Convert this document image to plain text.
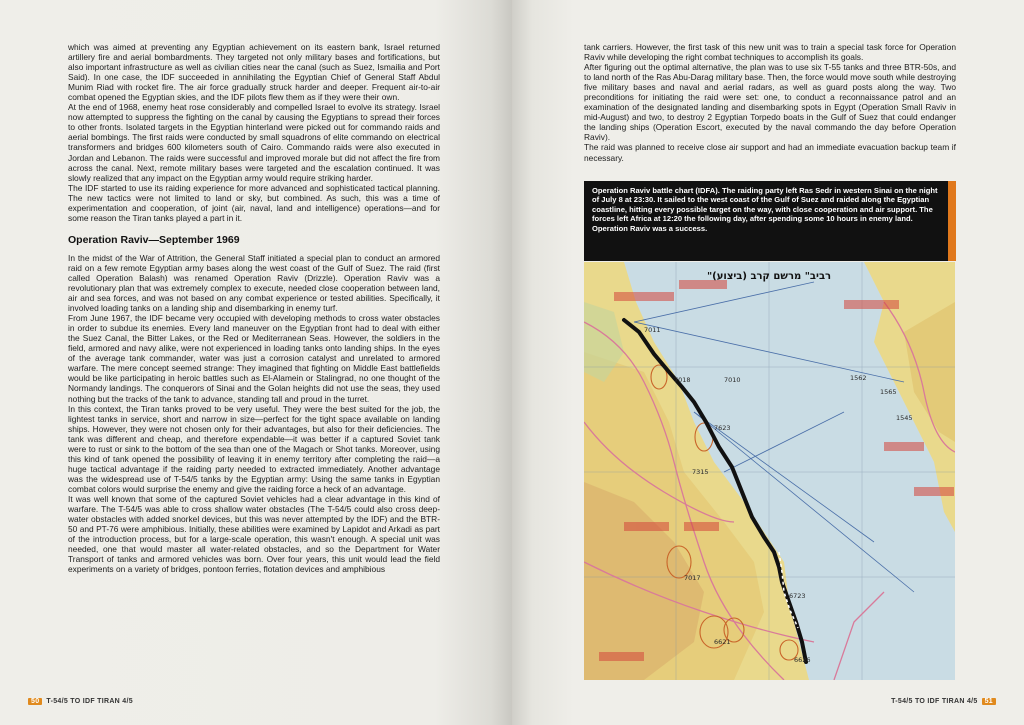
which was aimed at preventing any Egyptian achievement on its eastern bank, Israel returned artillery fire and aerial bombardments. They targeted not only military bases and fortifications, but also important infrastructure as well as civilian cities near the canal (such as Suez, Ismailia and Port Said). In one case, the IDF succeeded in annihilating the Egyptian Chief of General Staff Abdul Munim Riad with rocket fire. The air force gradually struck harder and deeper. Frequent air-to-air combat opened the Egyptian skies, and the IDF pilots flew them as if they were their own.

At the end of 1968, enemy heat rose considerably and compelled Israel to evolve its strategy. Israel now attempted to suppress the fighting on the canal by causing the Egyptians to spread their forces to other fronts. Isolated targets in the Egyptian hinterland were picked out for commando raids and aerial bombings. The first raids were conducted by small squadrons of elite commando on electrical transformers and bridges 600 kilometers south of Cairo. Commando raids were also executed in Jordan and Lebanon. The raids were successful and improved morale but did not affect the fire from across the canal. Next, remote military bases were targeted and the escalation continued. It was slowly realized that any impact on the Egyptian army would require striking harder.

The IDF started to use its raiding experience for more advanced and sophisticated tactical planning. The new tactics were not limited to land or sky, but combined. As such, this was a time of experimentation and cooperation, of joint (air, naval, land and intelligence) operations—and for some reason the Tiran tanks played a part in it.

Operation Raviv—September 1969

In the midst of the War of Attrition, the General Staff initiated a special plan to conduct an armored raid on a few remote Egyptian army bases along the west coast of the Gulf of Suez. The raid (first called Operation Balash) was renamed Operation Raviv (Drizzle). Operation Raviv was a revolutionary plan that was extremely complex to execute, needed close cooperation between land, air and sea forces, and was not based on any combat experience or tested abilities. Specifically, it involved loading tanks on a landing ship and disembarking in enemy turf.

From June 1967, the IDF became very occupied with developing methods to cross water obstacles in order to subdue its enemies. Every land maneuver on the Egyptian front had to deal with either the Suez Canal, the Bitter Lakes, or the Red or Mediterranean Seas. However, the soldiers in the field, armored and navy alike, were not experienced in loading tanks onto landing ships. In the eyes of the average tank commander, water was just a corrosion catalyst and unrelated to armored warfare. The mere concept seemed strange: They imagined that fighting on Middle East battlefields would be like participating in heroic battles such as El-Alamein or Stalingrad, no one thought of the Normandy landings. The conquerors of Sinai and the Golan heights did not use the seas, they used nothing but the tracks of the tank to advance, standing tall and proud in the turret.

In this context, the Tiran tanks proved to be very useful. They were the best suited for the job, the lightest tanks in service, short and narrow in size—perfect for the tight space available on landing ships. However, they were not chosen only for their advantages, but also for their deficiencies. The tank was different and cheap, and therefore expendable—it was better if a captured Soviet tank were to rust or sink to the bottom of the sea than one of the Magach or Shot tanks. Moreover, using this kind of tank opened the possibility of leaving it in enemy territory after completing the raid—a huge tactical advantage if the raiding party needed to extracted immediately. Another advantage was the widespread use of T-54/5 tanks by the Egyptian army: Using the same tanks in Egyptian combat colors would surprise the enemy and give the raiding force a heck of an advantage.

It was well known that some of the captured Soviet vehicles had a clear advantage in this kind of warfare. The T-54/5 was able to cross shallow water obstacles (The T-54/5 could also cross deep-water obstacles with added snorkel devices, but this was never attempted by the IDF) and the BTR-50 and PT-76 were amphibious. Initially, these abilities were examined by Lapidot and Arkadi as part of the introduction process, but for a large-scale operation, this wasn't enough. A special unit was needed, one that would master all water-related obstacles, and so the Department for Water Transport of tanks and armored vehicles was born. Over four years, this unit would lead the field experiments on a variety of bridges, pontoon ferries, flotation devices and amphibious

50	T-54/5 TO IDF TIRAN 4/5	T-54/5 TO IDF TIRAN 4/5	51

tank carriers. However, the first task of this new unit was to train a special task force for Operation Raviv while developing the right combat techniques to accomplish its goals.

After figuring out the optimal alternative, the plan was to use six T-55 tanks and three BTR-50s, and to land north of the Ras Abu-Darag military base. Then, the force would move south while destroying five military bases and naval and aerial radars, as well as guard posts along the way. Two preconditions for initiating the raid were set: one, to conduct a reconnaissance patrol and an examination of the designated landing and disembarking spots in Egypt (Operation Small Raviv in mid-August) and two, to destroy 2 Egyptian Torpedo boats in the Gulf of Suez that could endanger the landing ships (Operation Escort, executed by the naval commando the day before Operation Raviv).

The raid was planned to receive close air support and had an immediate evacuation backup team if necessary.

Operation Raviv battle chart (IDFA). The raiding party left Ras Sedr in western Sinai on the night of July 8 at 23:30. It sailed to the west coast of the Gulf of Suez and raided along the Egyptian coastline, hitting every possible target on the way, with close cooperation and air support. The forces left Africa at 12:20 the following day, after spending some 10 hours in enemy land. Operation Raviv was a success.
"רביב" מרשם קרב (ביצוע)
7018
7623
7315
7017
6723
6621
1565
1545
1562
7011
7010
6626
